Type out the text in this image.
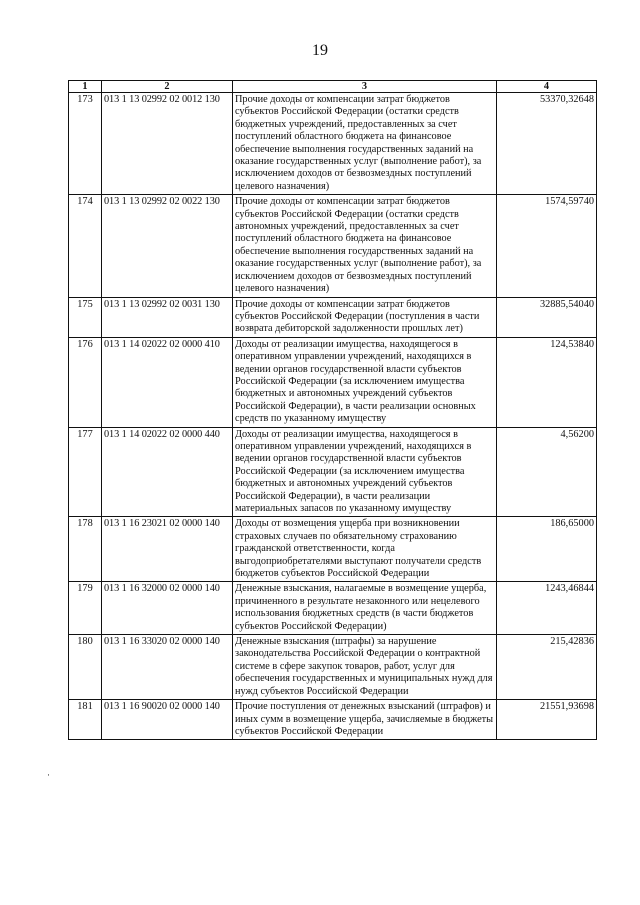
19
·
1	2	3	4
173	013 1 13 02992 02 0012 130	Прочие доходы от компенсации затрат бюджетов субъектов Российской Федерации (остатки средств бюджетных учреждений, предоставленных за счет поступлений областного бюджета на финансовое обеспечение выполнения государственных заданий на оказание государственных услуг (выполнение работ), за исключением доходов от безвозмездных поступлений целевого назначения)	53370,32648
174	013 1 13 02992 02 0022 130	Прочие доходы от компенсации затрат бюджетов субъектов Российской Федерации (остатки средств автономных учреждений, предоставленных за счет поступлений областного бюджета на финансовое обеспечение выполнения государственных заданий на оказание государственных услуг (выполнение работ), за исключением доходов от безвозмездных поступлений целевого назначения)	1574,59740
175	013 1 13 02992 02 0031 130	Прочие доходы от компенсации затрат бюджетов субъектов Российской Федерации (поступления в части возврата дебиторской задолженности прошлых лет)	32885,54040
176	013 1 14 02022 02 0000 410	Доходы от реализации имущества, находящегося в оперативном управлении учреждений, находящихся в ведении органов государственной власти субъектов Российской Федерации (за исключением имущества бюджетных и автономных учреждений субъектов Российской Федерации), в части реализации основных средств по указанному имуществу	124,53840
177	013 1 14 02022 02 0000 440	Доходы от реализации имущества, находящегося в оперативном управлении учреждений, находящихся в ведении органов государственной власти субъектов Российской Федерации (за исключением имущества бюджетных и автономных учреждений субъектов Российской Федерации), в части реализации материальных запасов по указанному имуществу	4,56200
178	013 1 16 23021 02 0000 140	Доходы от возмещения ущерба при возникновении страховых случаев по обязательному страхованию гражданской ответственности, когда выгодоприобретателями выступают получатели средств бюджетов субъектов Российской Федерации	186,65000
179	013 1 16 32000 02 0000 140	Денежные взыскания, налагаемые в возмещение ущерба, причиненного в результате незаконного или нецелевого использования бюджетных средств (в части бюджетов субъектов Российской Федерации)	1243,46844
180	013 1 16 33020 02 0000 140	Денежные взыскания (штрафы) за нарушение законодательства Российской Федерации о контрактной системе в сфере закупок товаров, работ, услуг для обеспечения государственных и муниципальных нужд для нужд субъектов Российской Федерации	215,42836
181	013 1 16 90020 02 0000 140	Прочие поступления от денежных взысканий (штрафов) и иных сумм в возмещение ущерба, зачисляемые в бюджеты субъектов Российской Федерации	21551,93698
